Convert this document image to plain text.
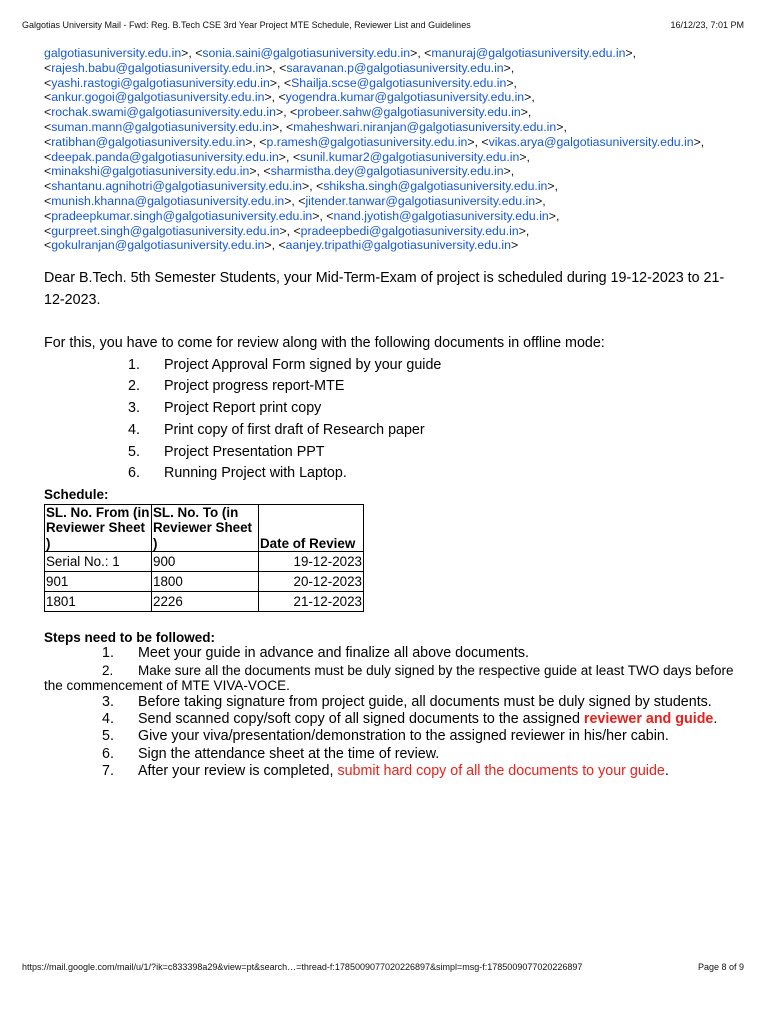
Galgotias University Mail - Fwd: Reg. B.Tech CSE 3rd Year Project MTE Schedule, Reviewer List and Guidelines	16/12/23, 7:01 PM
galgotiasuniversity.edu.in>, <sonia.saini@galgotiasuniversity.edu.in>, <manuraj@galgotiasuniversity.edu.in>, <rajesh.babu@galgotiasuniversity.edu.in>, <saravanan.p@galgotiasuniversity.edu.in>, <yashi.rastogi@galgotiasuniversity.edu.in>, <Shailja.scse@galgotiasuniversity.edu.in>, <ankur.gogoi@galgotiasuniversity.edu.in>, <yogendra.kumar@galgotiasuniversity.edu.in>, <rochak.swami@galgotiasuniversity.edu.in>, <probeer.sahw@galgotiasuniversity.edu.in>, <suman.mann@galgotiasuniversity.edu.in>, <maheshwari.niranjan@galgotiasuniversity.edu.in>, <ratibhan@galgotiasuniversity.edu.in>, <p.ramesh@galgotiasuniversity.edu.in>, <vikas.arya@galgotiasuniversity.edu.in>, <deepak.panda@galgotiasuniversity.edu.in>, <sunil.kumar2@galgotiasuniversity.edu.in>, <minakshi@galgotiasuniversity.edu.in>, <sharmistha.dey@galgotiasuniversity.edu.in>, <shantanu.agnihotri@galgotiasuniversity.edu.in>, <shiksha.singh@galgotiasuniversity.edu.in>, <munish.khanna@galgotiasuniversity.edu.in>, <jitender.tanwar@galgotiasuniversity.edu.in>, <pradeepkumar.singh@galgotiasuniversity.edu.in>, <nand.jyotish@galgotiasuniversity.edu.in>, <gurpreet.singh@galgotiasuniversity.edu.in>, <pradeepbedi@galgotiasuniversity.edu.in>, <gokulranjan@galgotiasuniversity.edu.in>, <aanjey.tripathi@galgotiasuniversity.edu.in>

Dear B.Tech. 5th Semester Students, your Mid-Term-Exam of project is scheduled during 19-12-2023 to 21-12-2023.

For this, you have to come for review along with the following documents in offline mode:

1.	Project Approval Form signed by your guide
2.	Project progress report-MTE
3.	Project Report print copy
4.	Print copy of first draft of Research paper
5.	Project Presentation PPT
6.	Running Project with Laptop.
Schedule:
SL. No. From (in Reviewer Sheet )	SL. No. To (in Reviewer Sheet )	Date of Review
Serial No.: 1	900	19-12-2023
901	1800	20-12-2023
1801	2226	21-12-2023
Steps need to be followed:

1. Meet your guide in advance and finalize all above documents.

2. Make sure all the documents must be duly signed by the respective guide at least TWO days before the commencement of MTE VIVA-VOCE.

3. Before taking signature from project guide, all documents must be duly signed by students.

4. Send scanned copy/soft copy of all signed documents to the assigned reviewer and guide.

5. Give your viva/presentation/demonstration to the assigned reviewer in his/her cabin.

6. Sign the attendance sheet at the time of review.

7. After your review is completed, submit hard copy of all the documents to your guide.

https://mail.google.com/mail/u/1/?ik=c833398a29&view=pt&search…=thread-f:1785009077020226897&simpl=msg-f:1785009077020226897	Page 8 of 9
